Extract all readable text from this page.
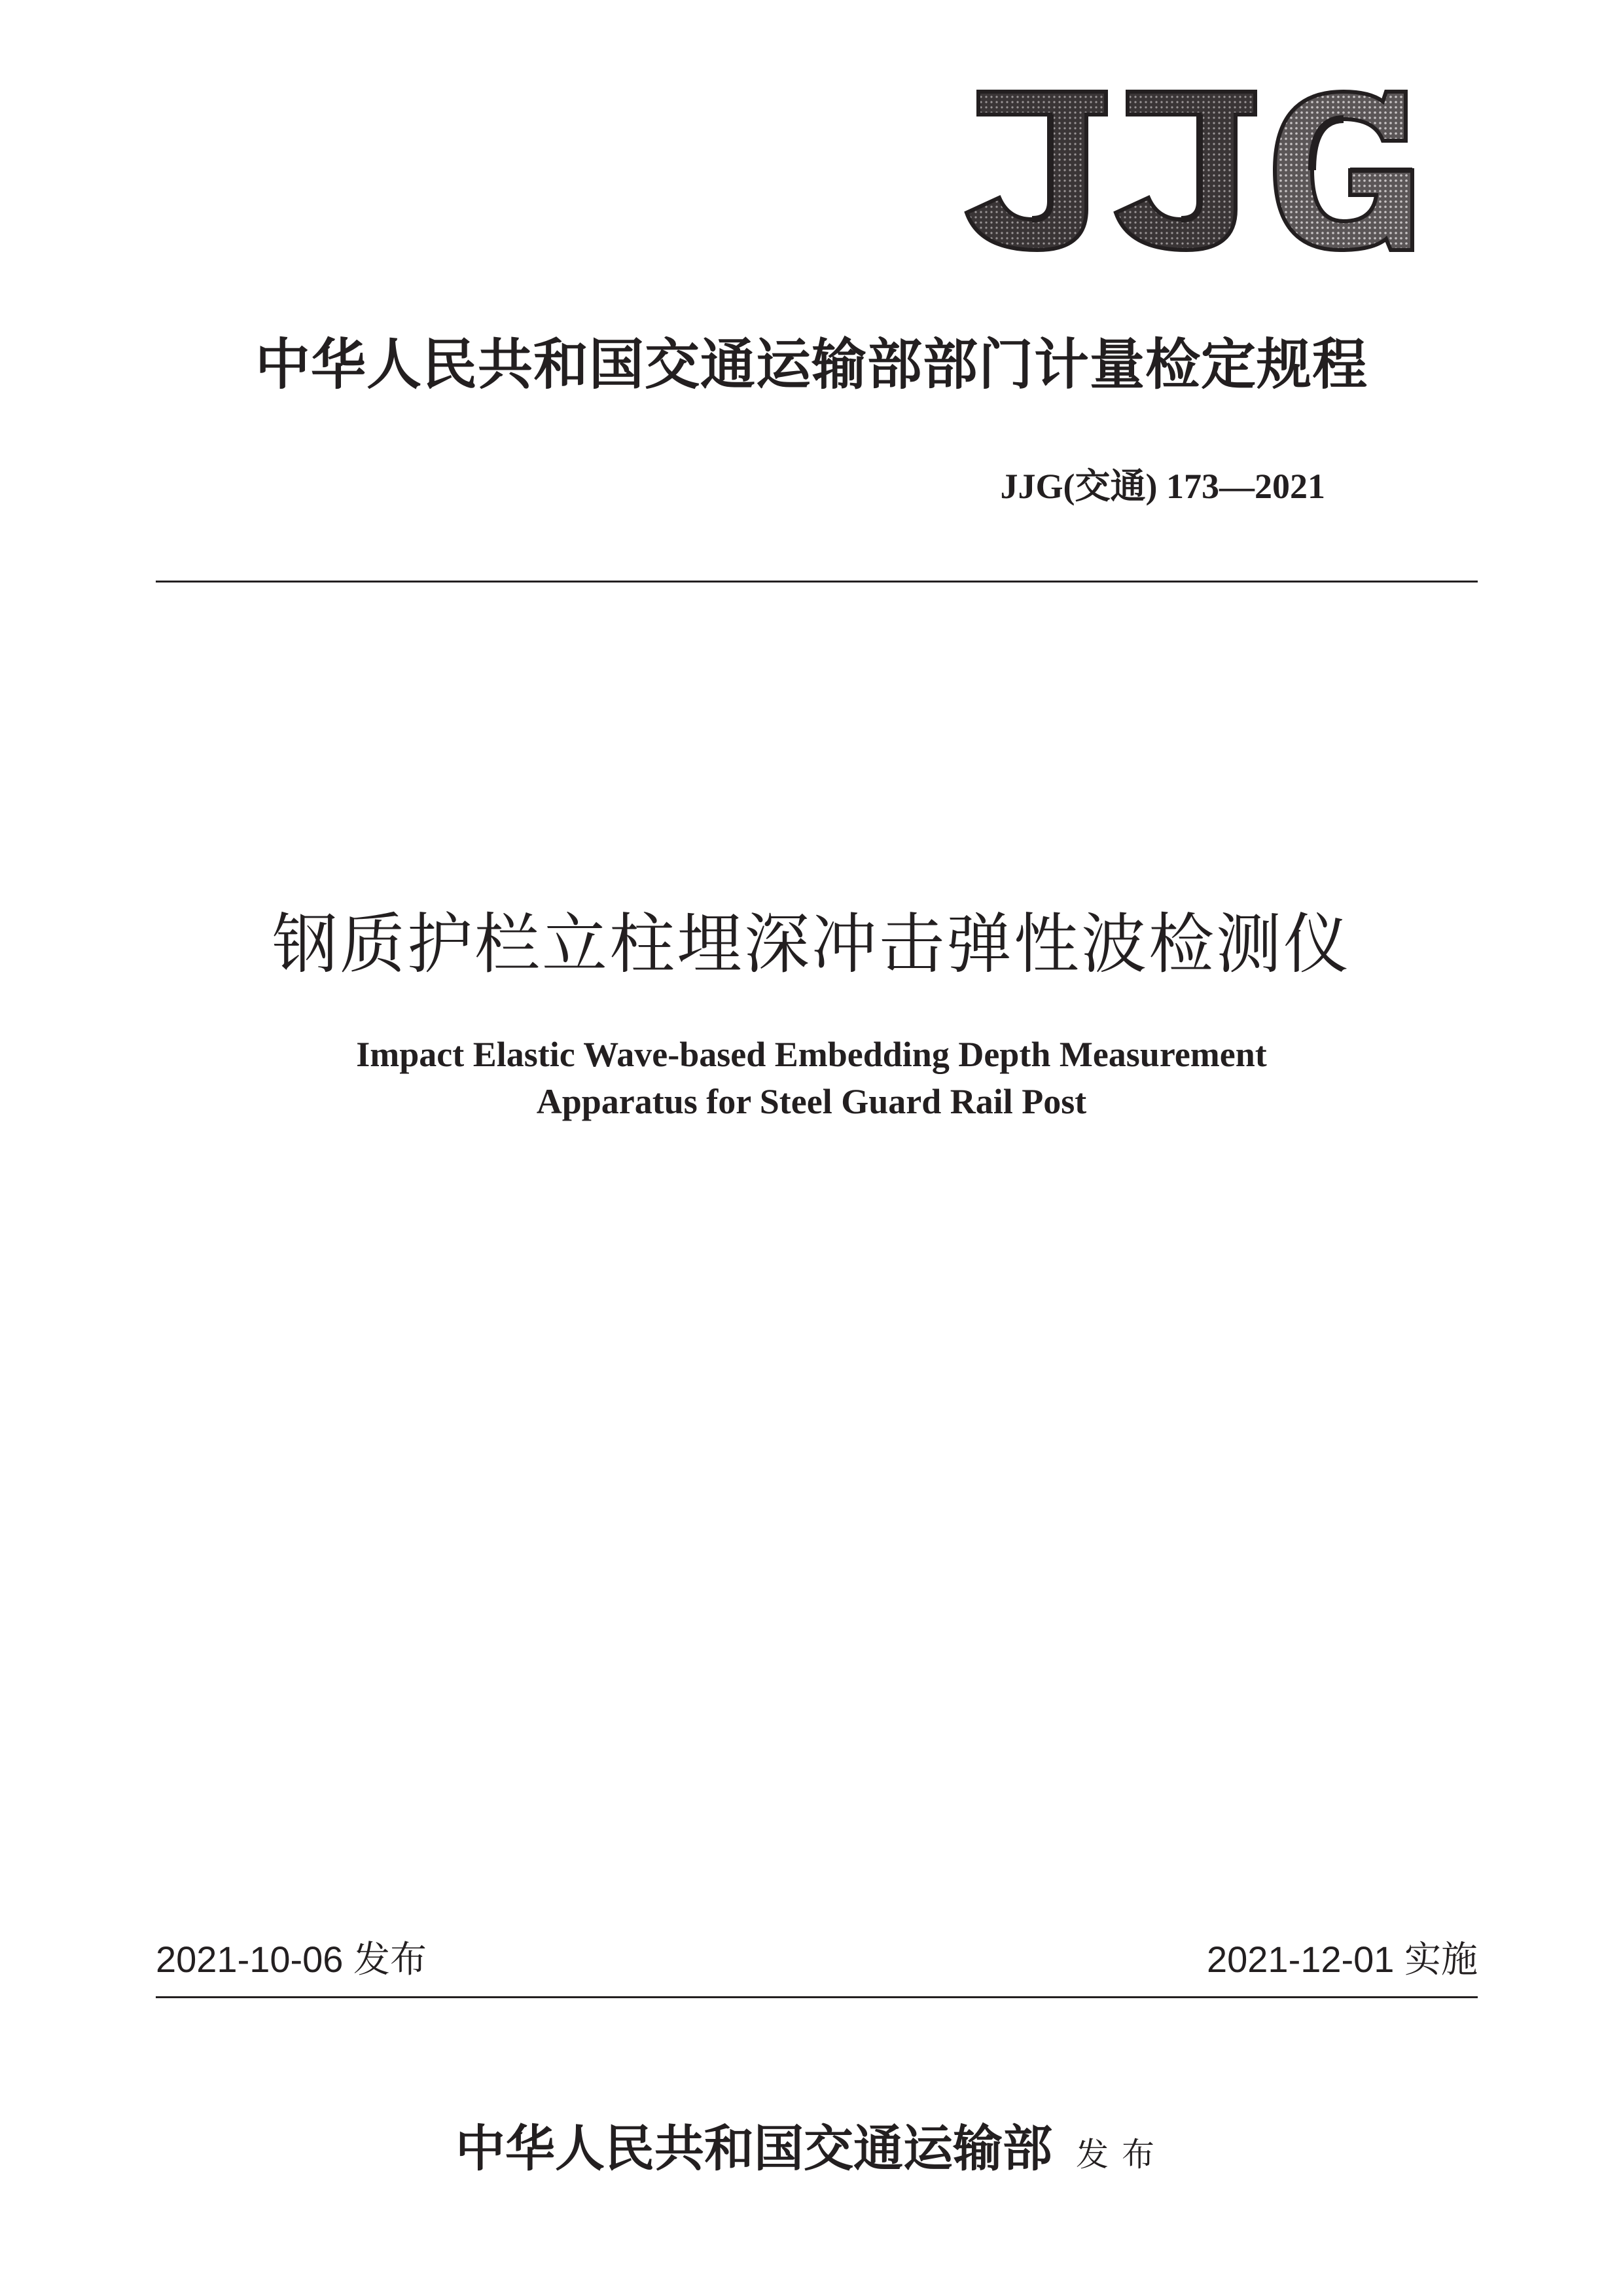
中华人民共和国交通运输部部门计量检定规程
JJG(交通) 173—2021
钢质护栏立柱埋深冲击弹性波检测仪
Impact Elastic Wave-based Embedding Depth Measurement
Apparatus for Steel Guard Rail Post
2021-10-06 发布	2021-12-01 实施
中华人民共和国交通运输部 发布
